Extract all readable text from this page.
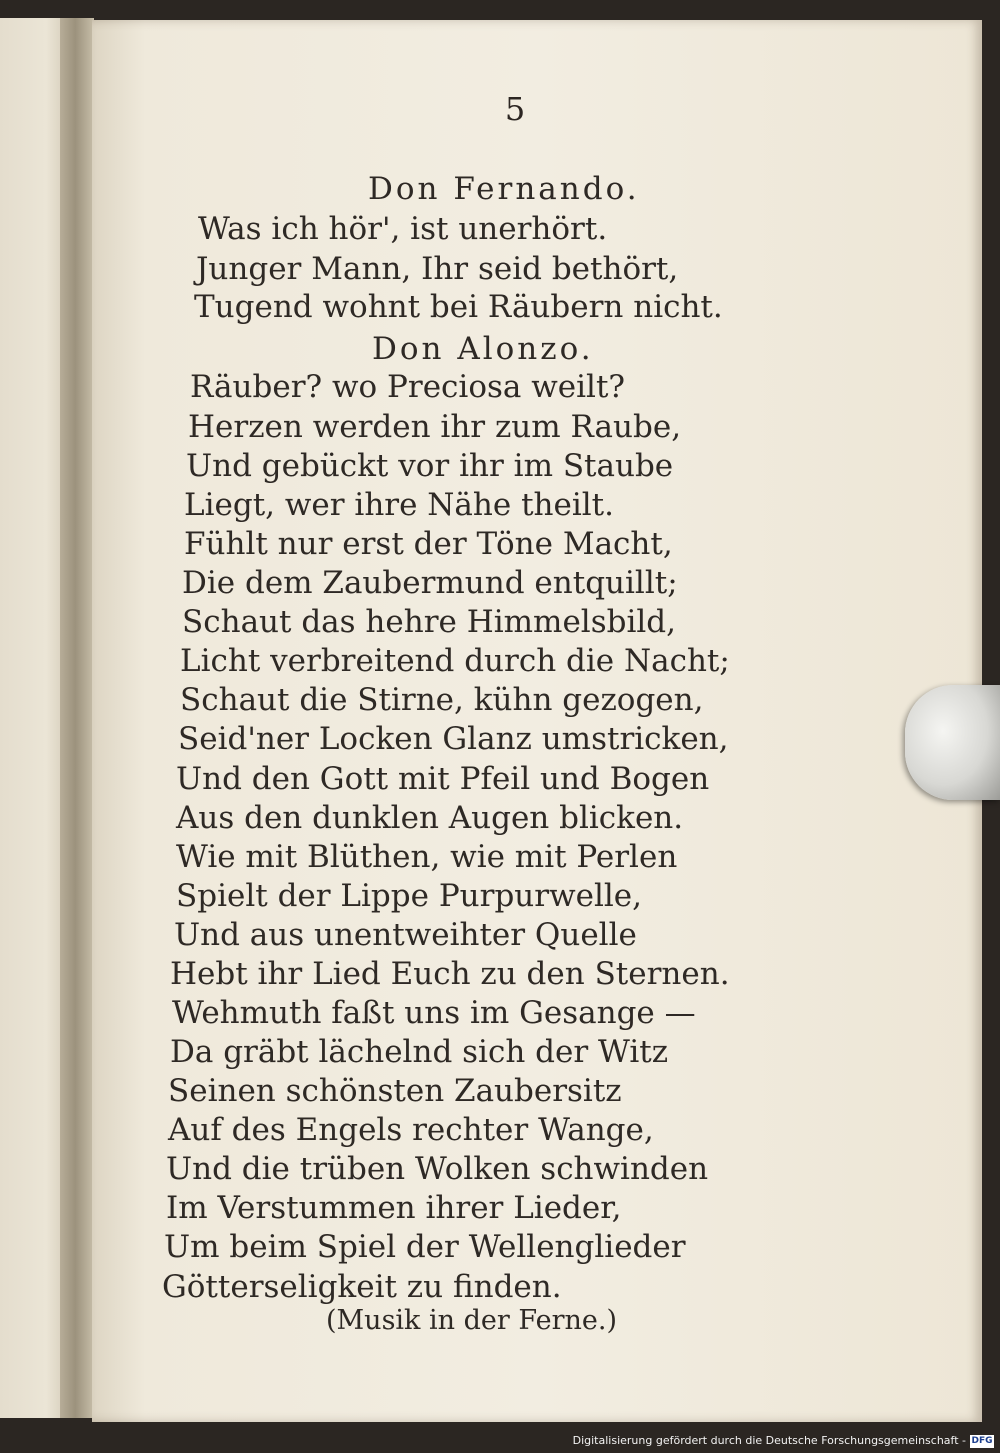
5
Don Fernando.
Was ich hör', ist unerhört.
Junger Mann, Ihr seid bethört,
Tugend wohnt bei Räubern nicht.
Don Alonzo.
Räuber? wo Preciosa weilt?
Herzen werden ihr zum Raube,
Und gebückt vor ihr im Staube
Liegt, wer ihre Nähe theilt.
Fühlt nur erst der Töne Macht,
Die dem Zaubermund entquillt;
Schaut das hehre Himmelsbild,
Licht verbreitend durch die Nacht;
Schaut die Stirne, kühn gezogen,
Seid'ner Locken Glanz umstricken,
Und den Gott mit Pfeil und Bogen
Aus den dunklen Augen blicken.
Wie mit Blüthen, wie mit Perlen
Spielt der Lippe Purpurwelle,
Und aus unentweihter Quelle
Hebt ihr Lied Euch zu den Sternen.
Wehmuth faßt uns im Gesange —
Da gräbt lächelnd sich der Witz
Seinen schönsten Zaubersitz
Auf des Engels rechter Wange,
Und die trüben Wolken schwinden
Im Verstummen ihrer Lieder,
Um beim Spiel der Wellenglieder
Götterseligkeit zu finden.
(Musik in der Ferne.)
Digitalisierung gefördert durch die Deutsche Forschungsgemeinschaft - DFG
